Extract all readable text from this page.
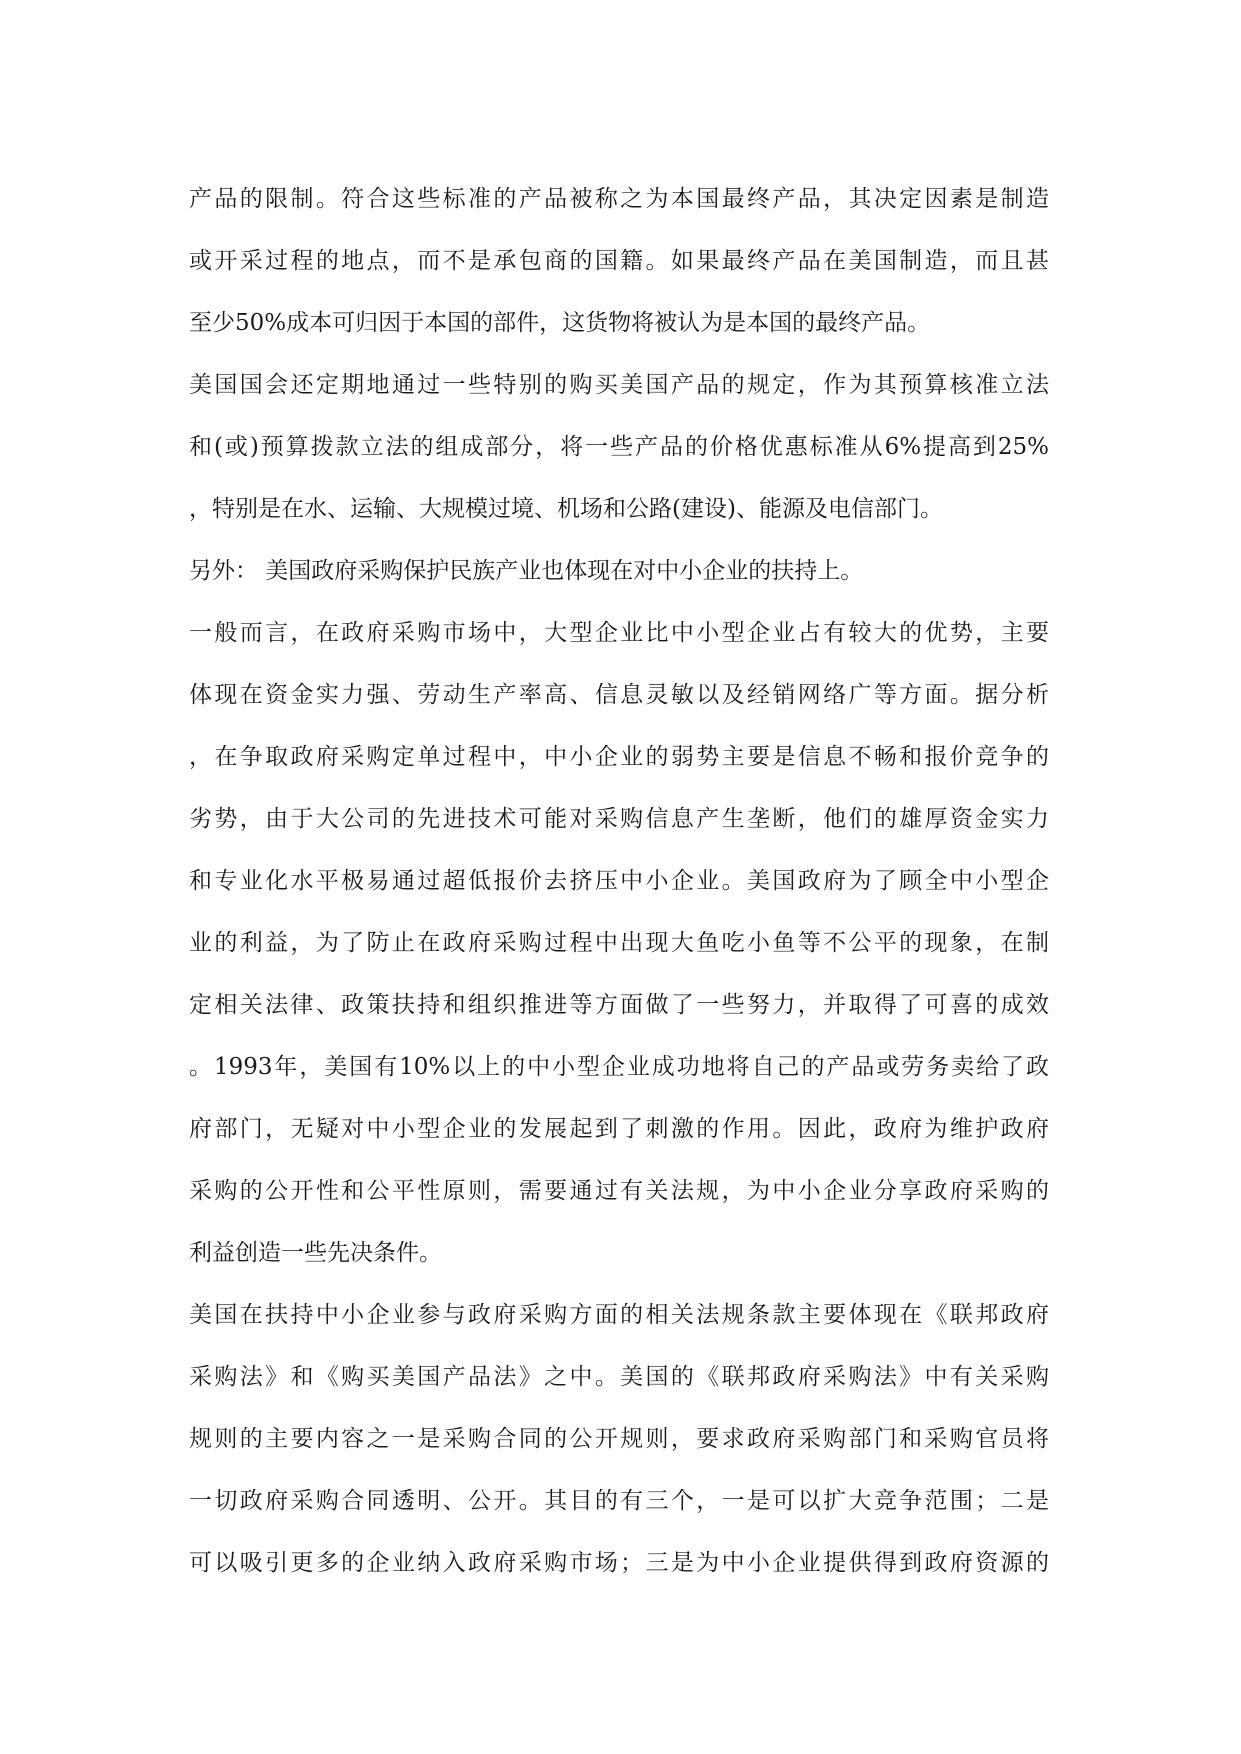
产品的限制。符合这些标准的产品被称之为本国最终产品，其决定因素是制造
或开采过程的地点，而不是承包商的国籍。如果最终产品在美国制造，而且甚
至少50%成本可归因于本国的部件，这货物将被认为是本国的最终产品。
美国国会还定期地通过一些特别的购买美国产品的规定，作为其预算核准立法
和(或)预算拨款立法的组成部分，将一些产品的价格优惠标准从6%提高到25%
，特别是在水、运输、大规模过境、机场和公路(建设)、能源及电信部门。
另外： 美国政府采购保护民族产业也体现在对中小企业的扶持上。
一般而言，在政府采购市场中，大型企业比中小型企业占有较大的优势，主要
体现在资金实力强、劳动生产率高、信息灵敏以及经销网络广等方面。据分析
，在争取政府采购定单过程中，中小企业的弱势主要是信息不畅和报价竞争的
劣势，由于大公司的先进技术可能对采购信息产生垄断，他们的雄厚资金实力
和专业化水平极易通过超低报价去挤压中小企业。美国政府为了顾全中小型企
业的利益，为了防止在政府采购过程中出现大鱼吃小鱼等不公平的现象，在制
定相关法律、政策扶持和组织推进等方面做了一些努力，并取得了可喜的成效
。1993年，美国有10%以上的中小型企业成功地将自己的产品或劳务卖给了政
府部门，无疑对中小型企业的发展起到了刺激的作用。因此，政府为维护政府
采购的公开性和公平性原则，需要通过有关法规，为中小企业分享政府采购的
利益创造一些先决条件。
美国在扶持中小企业参与政府采购方面的相关法规条款主要体现在《联邦政府
采购法》和《购买美国产品法》之中。美国的《联邦政府采购法》中有关采购
规则的主要内容之一是采购合同的公开规则，要求政府采购部门和采购官员将
一切政府采购合同透明、公开。其目的有三个，一是可以扩大竞争范围；二是
可以吸引更多的企业纳入政府采购市场；三是为中小企业提供得到政府资源的
